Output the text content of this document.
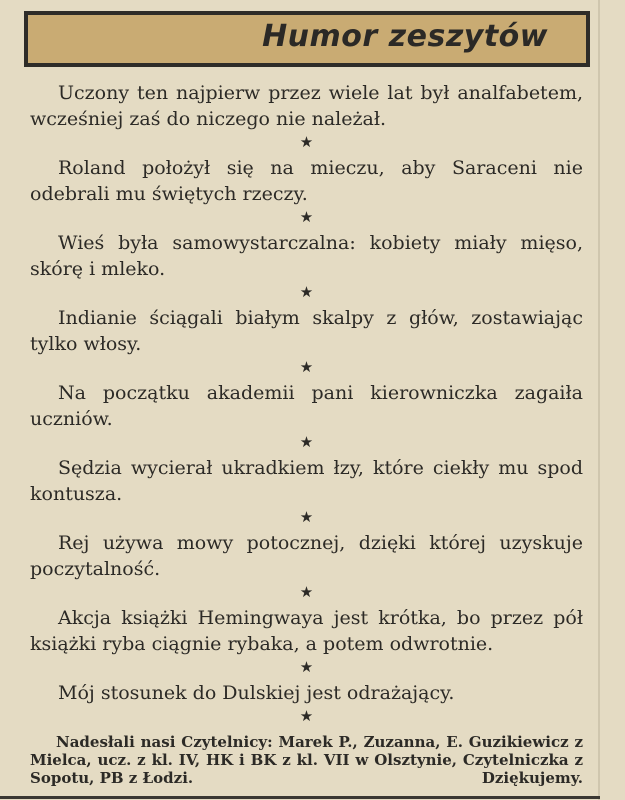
Humor zeszytów

Uczony ten najpierw przez wiele lat był analfabetem, wcześniej zaś do niczego nie należał.

★

Roland położył się na mieczu, aby Saraceni nie odebrali mu świętych rzeczy.

★

Wieś była samowystarczalna: kobiety miały mięso, skórę i mleko.

★

Indianie ściągali białym skalpy z głów, zostawiając tylko włosy.

★

Na początku akademii pani kierowniczka zagaiła uczniów.

★

Sędzia wycierał ukradkiem łzy, które ciekły mu spod kontusza.

★

Rej używa mowy potocznej, dzięki której uzyskuje poczytalność.

★

Akcja książki Hemingwaya jest krótka, bo przez pół książki ryba ciągnie rybaka, a potem odwrotnie.

★

Mój stosunek do Dulskiej jest odrażający.

★

Nadesłali nasi Czytelnicy: Marek P., Zuzanna, E. Guzikiewicz z Mielca, ucz. z kl. IV, HK i BK z kl. VII w Olsztynie, Czytelniczka z Sopotu, PB z Łodzi.	Dziękujemy.
